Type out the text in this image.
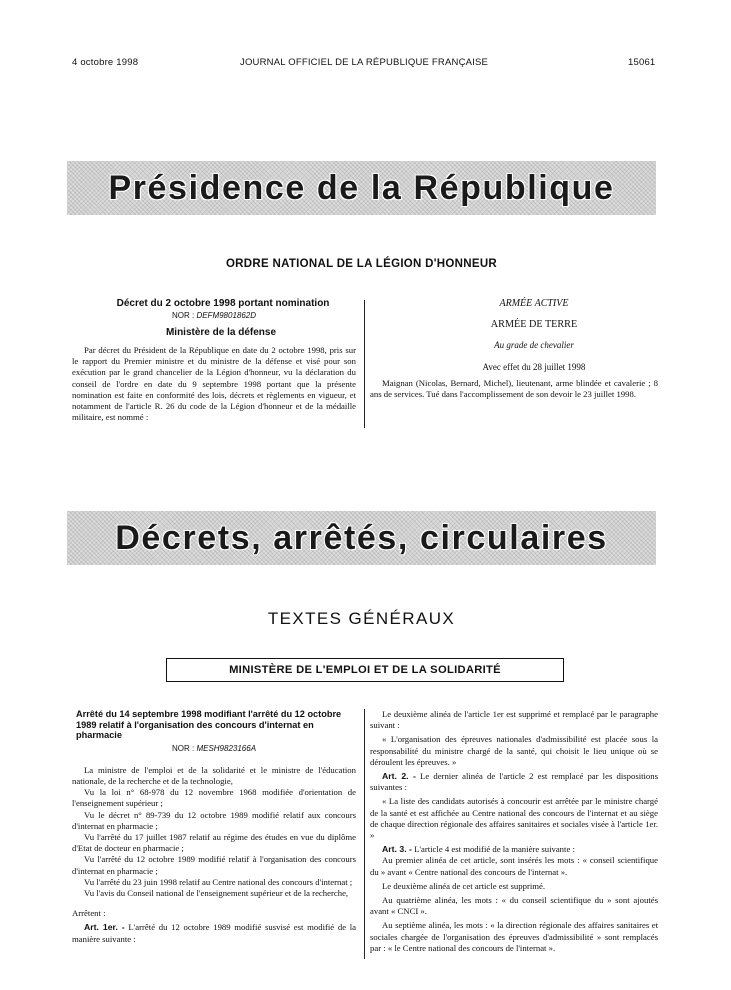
4 octobre 1998	JOURNAL OFFICIEL DE LA RÉPUBLIQUE FRANÇAISE	15061
Présidence de la République
ORDRE NATIONAL DE LA LÉGION D'HONNEUR
Décret du 2 octobre 1998 portant nomination
NOR : DEFM9801862D
Ministère de la défense

Par décret du Président de la République en date du 2 octobre 1998, pris sur le rapport du Premier ministre et du ministre de la défense et visé pour son exécution par le grand chancelier de la Légion d'honneur, vu la déclaration du conseil de l'ordre en date du 9 septembre 1998 portant que la présente nomination est faite en conformité des lois, décrets et règlements en vigueur, et notamment de l'article R. 26 du code de la Légion d'honneur et de la médaille militaire, est nommé :

ARMÉE ACTIVE
ARMÉE DE TERRE
Au grade de chevalier
Avec effet du 28 juillet 1998

Maignan (Nicolas, Bernard, Michel), lieutenant, arme blindée et cavalerie ; 8 ans de services. Tué dans l'accomplissement de son devoir le 23 juillet 1998.

Décrets, arrêtés, circulaires
TEXTES GÉNÉRAUX
MINISTÈRE DE L'EMPLOI ET DE LA SOLIDARITÉ
Arrêté du 14 septembre 1998 modifiant l'arrêté du 12 octobre 1989 relatif à l'organisation des concours d'internat en pharmacie
NOR : MESH9823166A

La ministre de l'emploi et de la solidarité et le ministre de l'éducation nationale, de la recherche et de la technologie,

Vu la loi n° 68-978 du 12 novembre 1968 modifiée d'orientation de l'enseignement supérieur ;

Vu le décret n° 89-739 du 12 octobre 1989 modifié relatif aux concours d'internat en pharmacie ;

Vu l'arrêté du 17 juillet 1987 relatif au régime des études en vue du diplôme d'Etat de docteur en pharmacie ;

Vu l'arrêté du 12 octobre 1989 modifié relatif à l'organisation des concours d'internat en pharmacie ;

Vu l'arrêté du 23 juin 1998 relatif au Centre national des concours d'internat ;

Vu l'avis du Conseil national de l'enseignement supérieur et de la recherche,

Arrêtent :

Art. 1er. - L'arrêté du 12 octobre 1989 modifié susvisé est modifié de la manière suivante :

Le deuxième alinéa de l'article 1er est supprimé et remplacé par le paragraphe suivant :

« L'organisation des épreuves nationales d'admissibilité est placée sous la responsabilité du ministre chargé de la santé, qui choisit le lieu unique où se déroulent les épreuves. »

Art. 2. - Le dernier alinéa de l'article 2 est remplacé par les dispositions suivantes :

« La liste des candidats autorisés à concourir est arrêtée par le ministre chargé de la santé et est affichée au Centre national des concours de l'internat et au siège de chaque direction régionale des affaires sanitaires et sociales visée à l'article 1er. »

Art. 3. - L'article 4 est modifié de la manière suivante :

Au premier alinéa de cet article, sont insérés les mots : « conseil scientifique du » avant « Centre national des concours de l'internat ».

Le deuxième alinéa de cet article est supprimé.

Au quatrième alinéa, les mots : « du conseil scientifique du » sont ajoutés avant « CNCI ».

Au septième alinéa, les mots : « la direction régionale des affaires sanitaires et sociales chargée de l'organisation des épreuves d'admissibilité » sont remplacés par : « le Centre national des concours de l'internat ».
